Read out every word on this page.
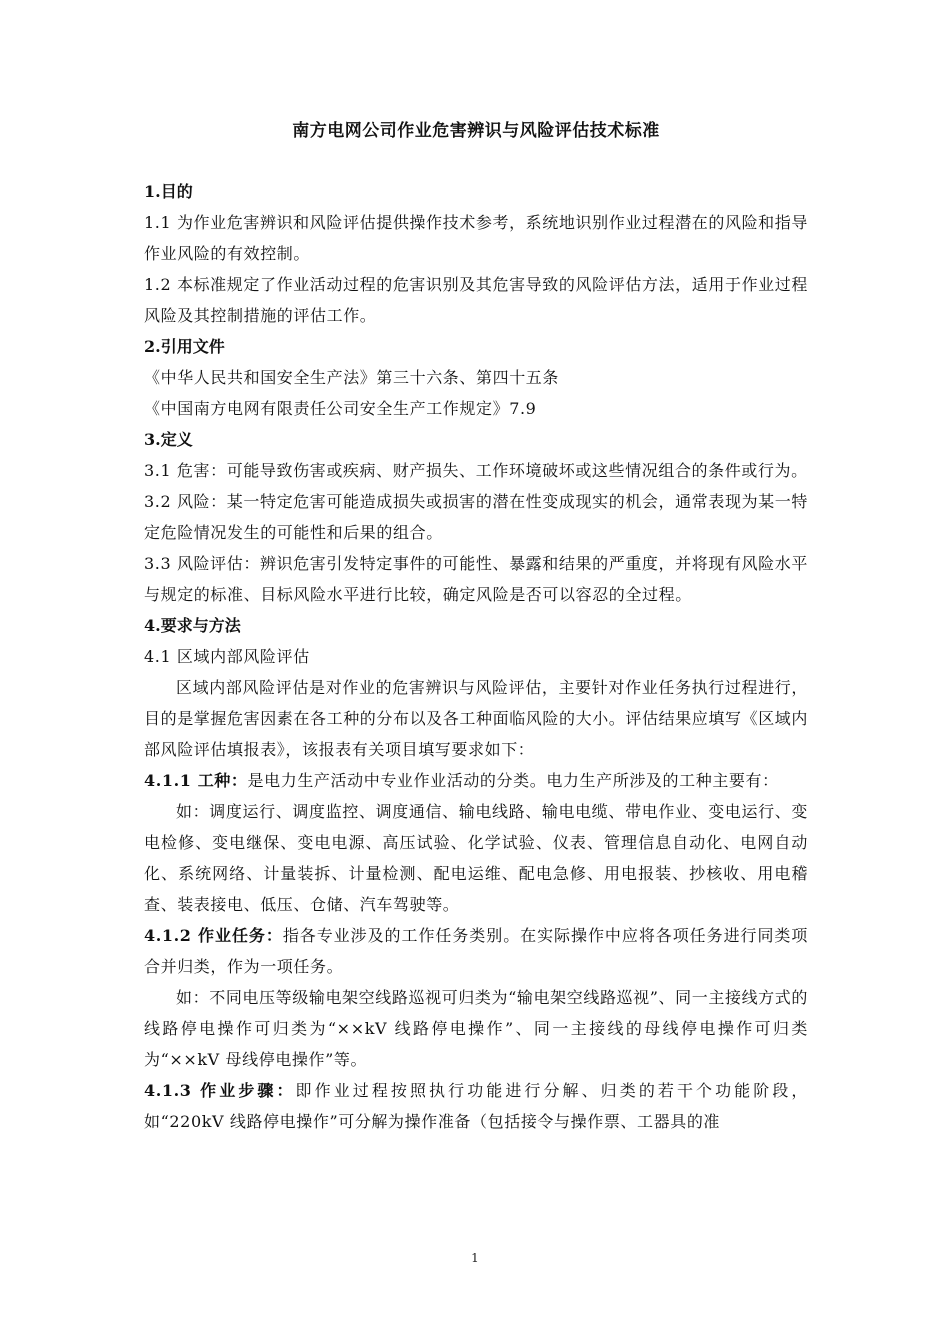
南方电网公司作业危害辨识与风险评估技术标准
1.目的
1.1 为作业危害辨识和风险评估提供操作技术参考，系统地识别作业过程潜在的风险和指导作业风险的有效控制。
1.2 本标准规定了作业活动过程的危害识别及其危害导致的风险评估方法，适用于作业过程风险及其控制措施的评估工作。
2.引用文件
《中华人民共和国安全生产法》第三十六条、第四十五条
《中国南方电网有限责任公司安全生产工作规定》7.9
3.定义
3.1 危害：可能导致伤害或疾病、财产损失、工作环境破坏或这些情况组合的条件或行为。
3.2 风险：某一特定危害可能造成损失或损害的潜在性变成现实的机会，通常表现为某一特定危险情况发生的可能性和后果的组合。
3.3 风险评估：辨识危害引发特定事件的可能性、暴露和结果的严重度，并将现有风险水平与规定的标准、目标风险水平进行比较，确定风险是否可以容忍的全过程。
4.要求与方法
4.1 区域内部风险评估
区域内部风险评估是对作业的危害辨识与风险评估，主要针对作业任务执行过程进行，目的是掌握危害因素在各工种的分布以及各工种面临风险的大小。评估结果应填写《区域内部风险评估填报表》，该报表有关项目填写要求如下：
4.1.1 工种：是电力生产活动中专业作业活动的分类。电力生产所涉及的工种主要有：
如：调度运行、调度监控、调度通信、输电线路、输电电缆、带电作业、变电运行、变电检修、变电继保、变电电源、高压试验、化学试验、仪表、管理信息自动化、电网自动化、系统网络、计量装拆、计量检测、配电运维、配电急修、用电报装、抄核收、用电稽查、装表接电、低压、仓储、汽车驾驶等。
4.1.2 作业任务：指各专业涉及的工作任务类别。在实际操作中应将各项任务进行同类项合并归类，作为一项任务。
如：不同电压等级输电架空线路巡视可归类为“输电架空线路巡视”、同一主接线方式的线路停电操作可归类为“××kV 线路停电操作”、同一主接线的母线停电操作可归类为“××kV 母线停电操作”等。
4.1.3 作业步骤：即作业过程按照执行功能进行分解、归类的若干个功能阶段，如“220kV 线路停电操作”可分解为操作准备（包括接令与操作票、工器具的准
1
